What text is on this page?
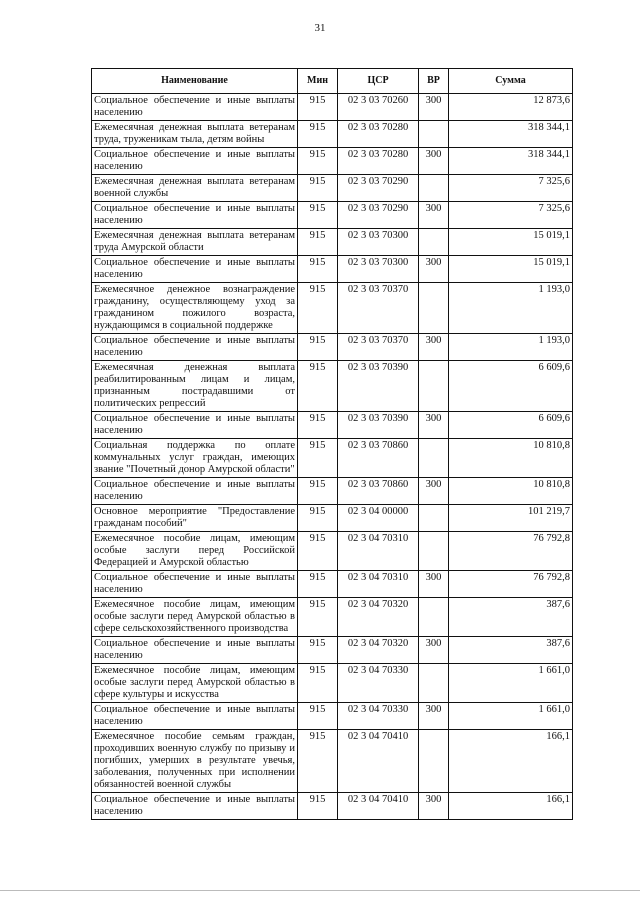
31
Наименование	Мин	ЦСР	ВР	Сумма
Социальное обеспечение и иные выплаты населению	915	02 3 03 70260	300	12 873,6
Ежемесячная денежная выплата ветеранам труда, труженикам тыла, детям войны	915	02 3 03 70280		318 344,1
Социальное обеспечение и иные выплаты населению	915	02 3 03 70280	300	318 344,1
Ежемесячная денежная выплата ветеранам военной службы	915	02 3 03 70290		7 325,6
Социальное обеспечение и иные выплаты населению	915	02 3 03 70290	300	7 325,6
Ежемесячная денежная выплата ветеранам труда Амурской области	915	02 3 03 70300		15 019,1
Социальное обеспечение и иные выплаты населению	915	02 3 03 70300	300	15 019,1
Ежемесячное денежное вознаграждение гражданину, осуществляющему уход за гражданином пожилого возраста, нуждающимся в социальной поддержке	915	02 3 03 70370		1 193,0
Социальное обеспечение и иные выплаты населению	915	02 3 03 70370	300	1 193,0
Ежемесячная денежная выплата реабилитированным лицам и лицам, признанным пострадавшими от политических репрессий	915	02 3 03 70390		6 609,6
Социальное обеспечение и иные выплаты населению	915	02 3 03 70390	300	6 609,6
Социальная поддержка по оплате коммунальных услуг граждан, имеющих звание "Почетный донор Амурской области"	915	02 3 03 70860		10 810,8
Социальное обеспечение и иные выплаты населению	915	02 3 03 70860	300	10 810,8
Основное мероприятие "Предоставление гражданам пособий"	915	02 3 04 00000		101 219,7
Ежемесячное пособие лицам, имеющим особые заслуги перед Российской Федерацией и Амурской областью	915	02 3 04 70310		76 792,8
Социальное обеспечение и иные выплаты населению	915	02 3 04 70310	300	76 792,8
Ежемесячное пособие лицам, имеющим особые заслуги перед Амурской областью в сфере сельскохозяйственного производства	915	02 3 04 70320		387,6
Социальное обеспечение и иные выплаты населению	915	02 3 04 70320	300	387,6
Ежемесячное пособие лицам, имеющим особые заслуги перед Амурской областью в сфере культуры и искусства	915	02 3 04 70330		1 661,0
Социальное обеспечение и иные выплаты населению	915	02 3 04 70330	300	1 661,0
Ежемесячное пособие семьям граждан, проходивших военную службу по призыву и погибших, умерших в результате увечья, заболевания, полученных при исполнении обязанностей военной службы	915	02 3 04 70410		166,1
Социальное обеспечение и иные выплаты населению	915	02 3 04 70410	300	166,1
